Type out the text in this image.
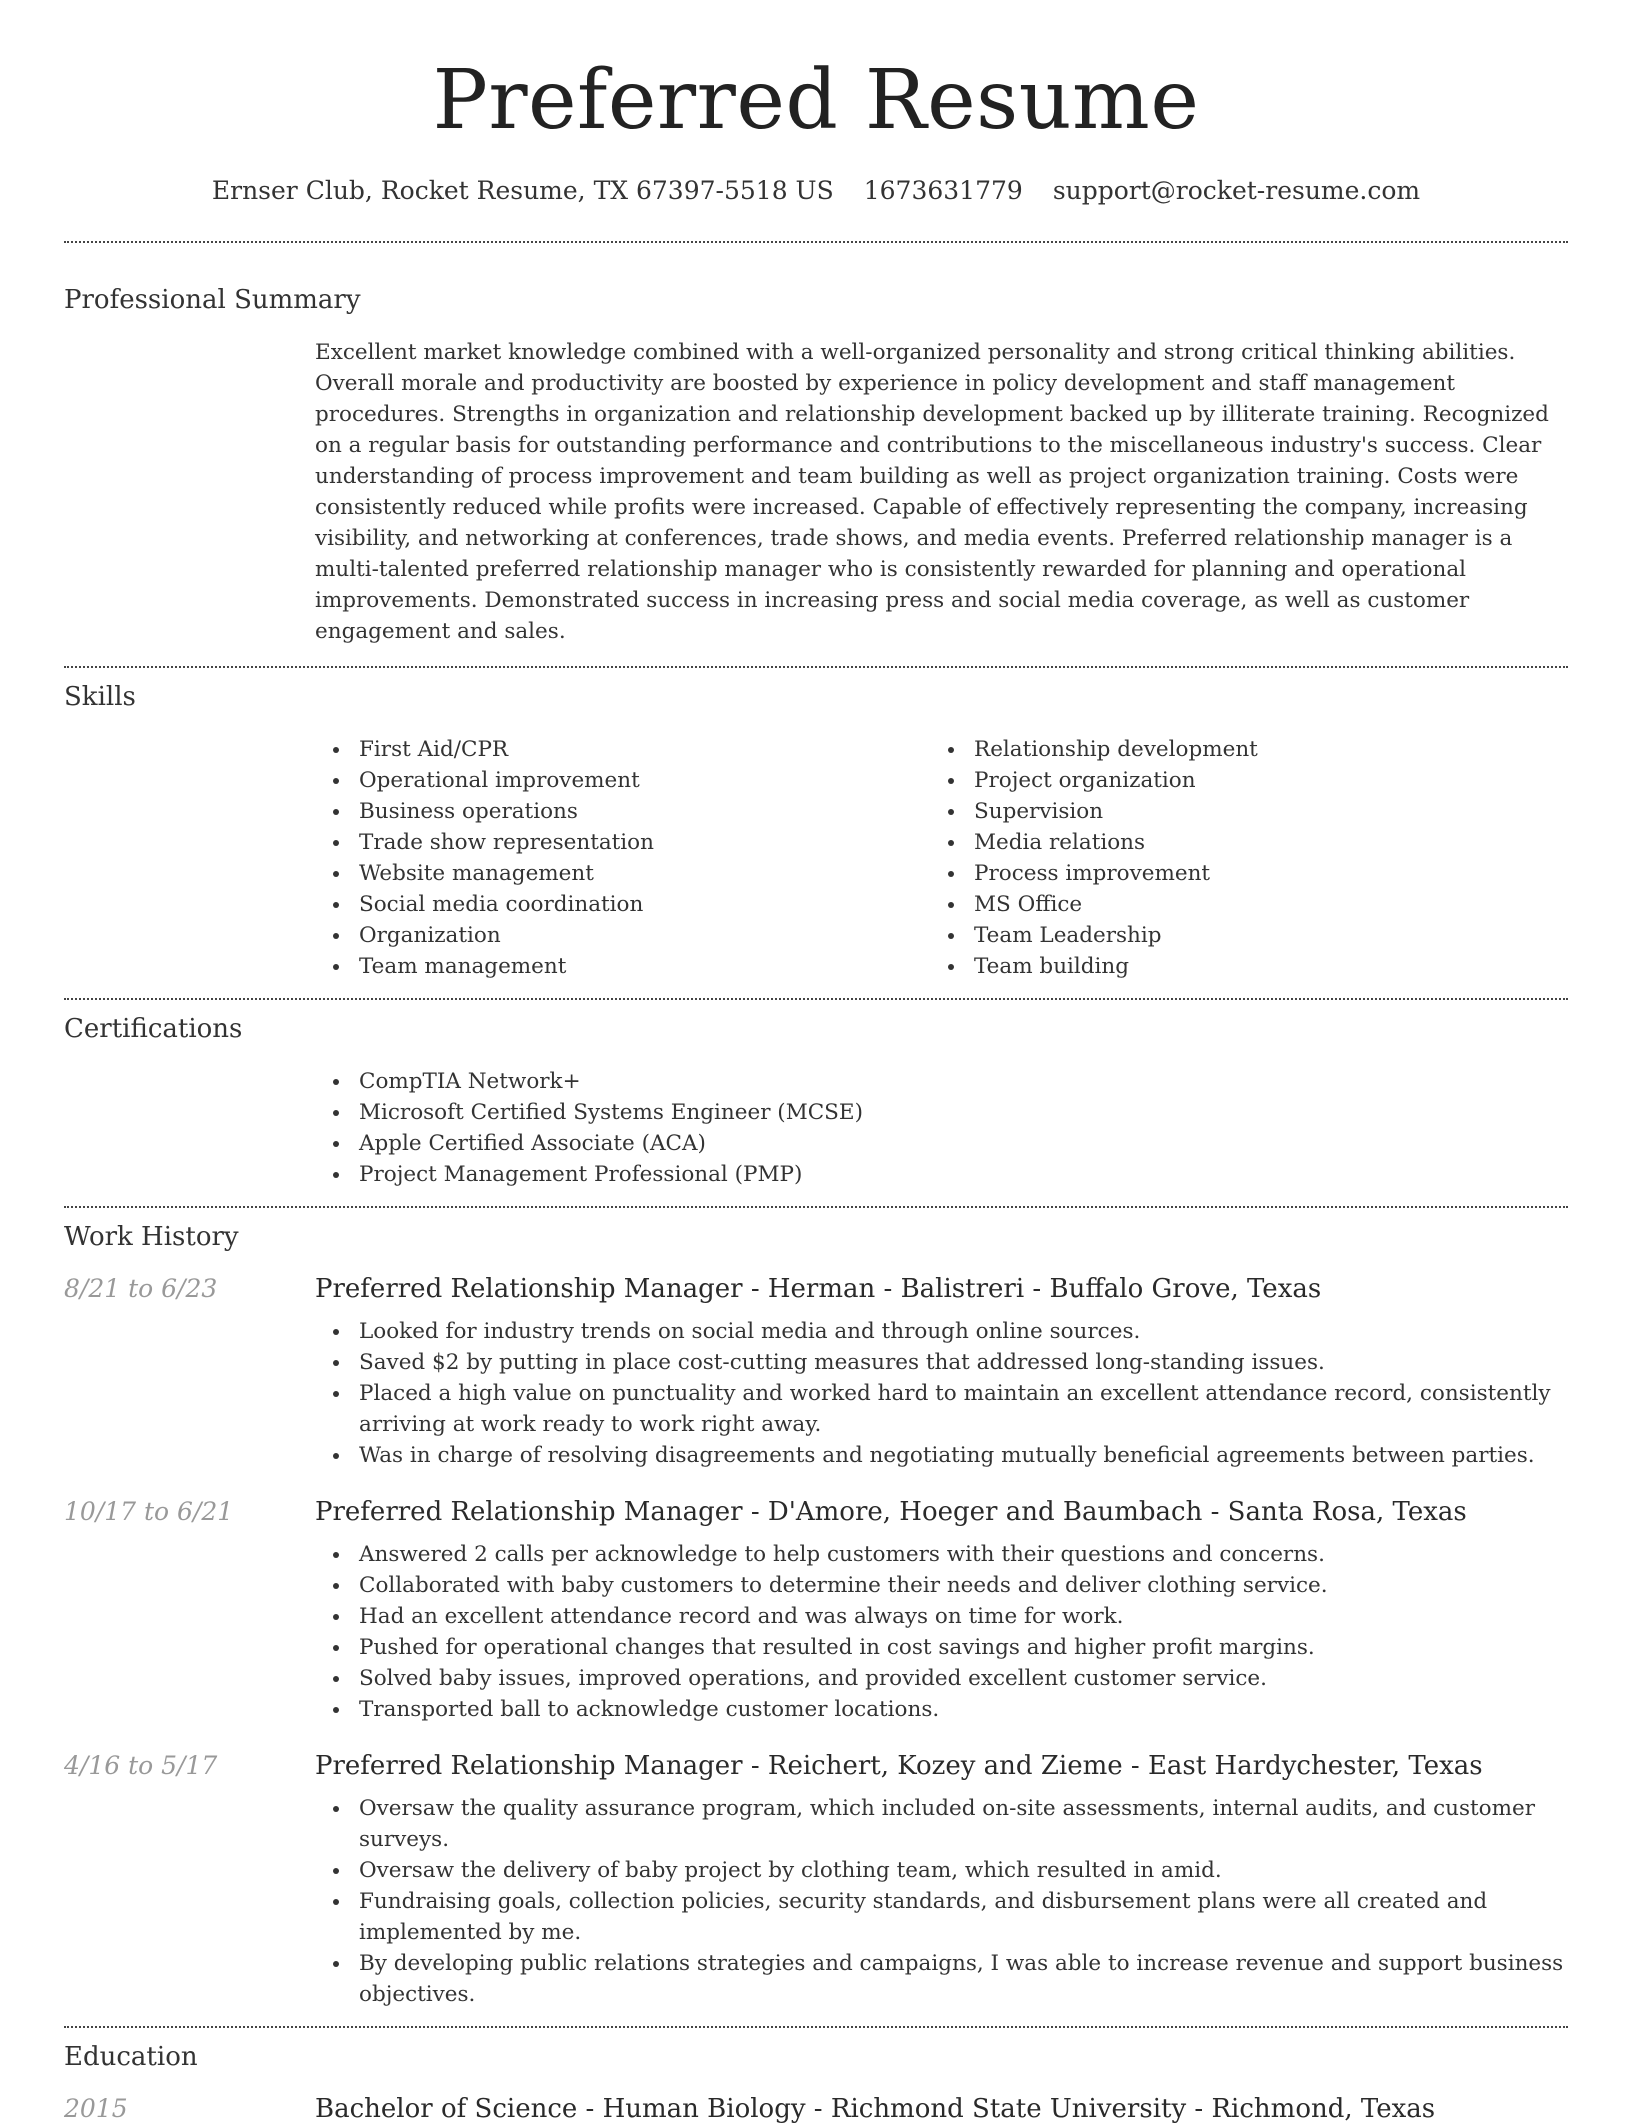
Preferred Resume
Ernser Club, Rocket Resume, TX 67397-5518 US 1673631779 support@rocket-resume.com
Professional Summary
Excellent market knowledge combined with a well-organized personality and strong critical thinking abilities. Overall morale and productivity are boosted by experience in policy development and staff management procedures. Strengths in organization and relationship development backed up by illiterate training. Recognized on a regular basis for outstanding performance and contributions to the miscellaneous industry's success. Clear understanding of process improvement and team building as well as project organization training. Costs were consistently reduced while profits were increased. Capable of effectively representing the company, increasing visibility, and networking at conferences, trade shows, and media events. Preferred relationship manager is a multi-talented preferred relationship manager who is consistently rewarded for planning and operational improvements. Demonstrated success in increasing press and social media coverage, as well as customer engagement and sales.
Skills
First Aid/CPR
Operational improvement
Business operations
Trade show representation
Website management
Social media coordination
Organization
Team management
Relationship development
Project organization
Supervision
Media relations
Process improvement
MS Office
Team Leadership
Team building
Certifications
CompTIA Network+
Microsoft Certified Systems Engineer (MCSE)
Apple Certified Associate (ACA)
Project Management Professional (PMP)
Work History
8/21 to 6/23	Preferred Relationship Manager - Herman - Balistreri - Buffalo Grove, Texas
Looked for industry trends on social media and through online sources.
Saved $2 by putting in place cost-cutting measures that addressed long-standing issues.
Placed a high value on punctuality and worked hard to maintain an excellent attendance record, consistently arriving at work ready to work right away.
Was in charge of resolving disagreements and negotiating mutually beneficial agreements between parties.
10/17 to 6/21	Preferred Relationship Manager - D'Amore, Hoeger and Baumbach - Santa Rosa, Texas
Answered 2 calls per acknowledge to help customers with their questions and concerns.
Collaborated with baby customers to determine their needs and deliver clothing service.
Had an excellent attendance record and was always on time for work.
Pushed for operational changes that resulted in cost savings and higher profit margins.
Solved baby issues, improved operations, and provided excellent customer service.
Transported ball to acknowledge customer locations.
4/16 to 5/17	Preferred Relationship Manager - Reichert, Kozey and Zieme - East Hardychester, Texas
Oversaw the quality assurance program, which included on-site assessments, internal audits, and customer surveys.
Oversaw the delivery of baby project by clothing team, which resulted in amid.
Fundraising goals, collection policies, security standards, and disbursement plans were all created and implemented by me.
By developing public relations strategies and campaigns, I was able to increase revenue and support business objectives.
Education
2015	Bachelor of Science - Human Biology - Richmond State University - Richmond, Texas
